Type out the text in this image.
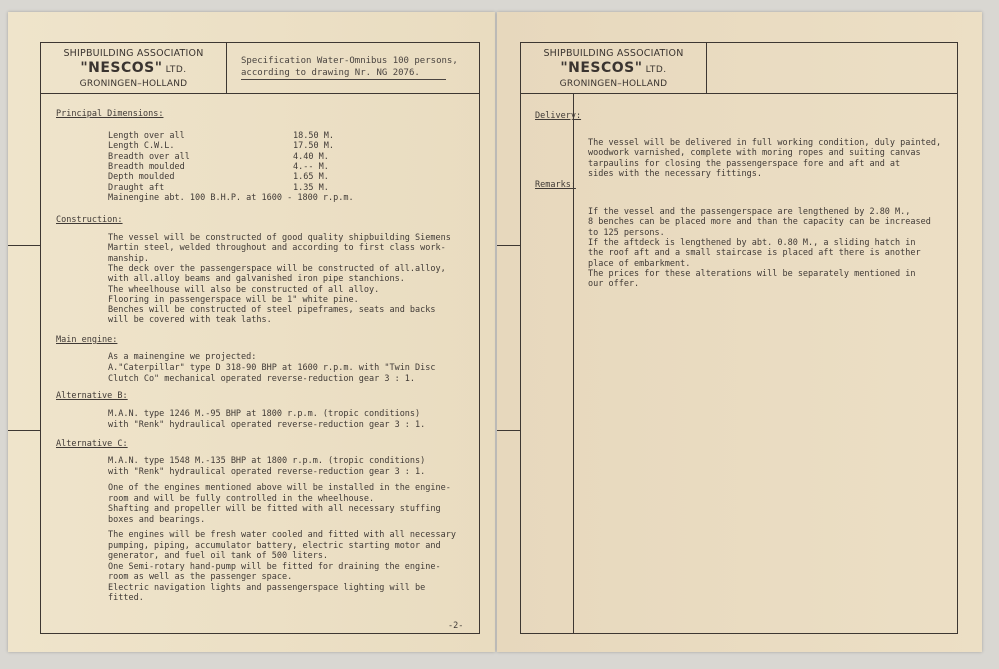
SHIPBUILDING ASSOCIATION
"NESCOS" LTD.
GRONINGEN–HOLLAND
Specification Water-Omnibus 100 persons,

according to drawing Nr. NG 2076.
Principal Dimensions:
Length over all	18.50 M.
Length C.W.L.	17.50 M.
Breadth over all	4.40 M.
Breadth moulded	4.-- M.
Depth moulded	1.65 M.
Draught aft	1.35 M.
Mainengine abt. 100 B.H.P. at 1600 - 1800 r.p.m.
Construction:
The vessel will be constructed of good quality shipbuilding Siemens
Martin steel, welded throughout and according to first class work-
manship.
The deck over the passengerspace will be constructed of all.alloy,
with all.alloy beams and galvanished iron pipe stanchions.
The wheelhouse will also be constructed of all alloy.
Flooring in passengerspace will be 1" white pine.
Benches will be constructed of steel pipeframes, seats and backs
will be covered with teak laths.
Main engine:
As a mainengine we projected:
A."Caterpillar" type D 318-90 BHP at 1600 r.p.m. with "Twin Disc
Clutch Co" mechanical operated reverse-reduction gear 3 : 1.
Alternative B:
M.A.N. type 1246 M.-95 BHP at 1800 r.p.m. (tropic conditions)
with "Renk" hydraulical operated reverse-reduction gear 3 : 1.
Alternative C:
M.A.N. type 1548 M.-135 BHP at 1800 r.p.m. (tropic conditions)
with "Renk" hydraulical operated reverse-reduction gear 3 : 1.
One of the engines mentioned above will be installed in the engine-
room and will be fully controlled in the wheelhouse.
Shafting and propeller will be fitted with all necessary stuffing
boxes and bearings.
The engines will be fresh water cooled and fitted with all necessary
pumping, piping, accumulator battery, electric starting motor and
generator, and fuel oil tank of 500 liters.
One Semi-rotary hand-pump will be fitted for draining the engine-
room as well as the passenger space.
Electric navigation lights and passengerspace lighting will be
fitted.
-2-
SHIPBUILDING ASSOCIATION
"NESCOS" LTD.
GRONINGEN–HOLLAND
Delivery:
The vessel will be delivered in full working condition, duly painted,
woodwork varnished, complete with moring ropes and suiting canvas
tarpaulins for closing the passengerspace fore and aft and at
sides with the necessary fittings.
Remarks:
If the vessel and the passengerspace are lengthened by 2.80 M.,
8 benches can be placed more and than the capacity can be increased
to 125 persons.
If the aftdeck is lengthened by abt. 0.80 M., a sliding hatch in
the roof aft and a small staircase is placed aft there is another
place of embarkment.
The prices for these alterations will be separately mentioned in
our offer.
